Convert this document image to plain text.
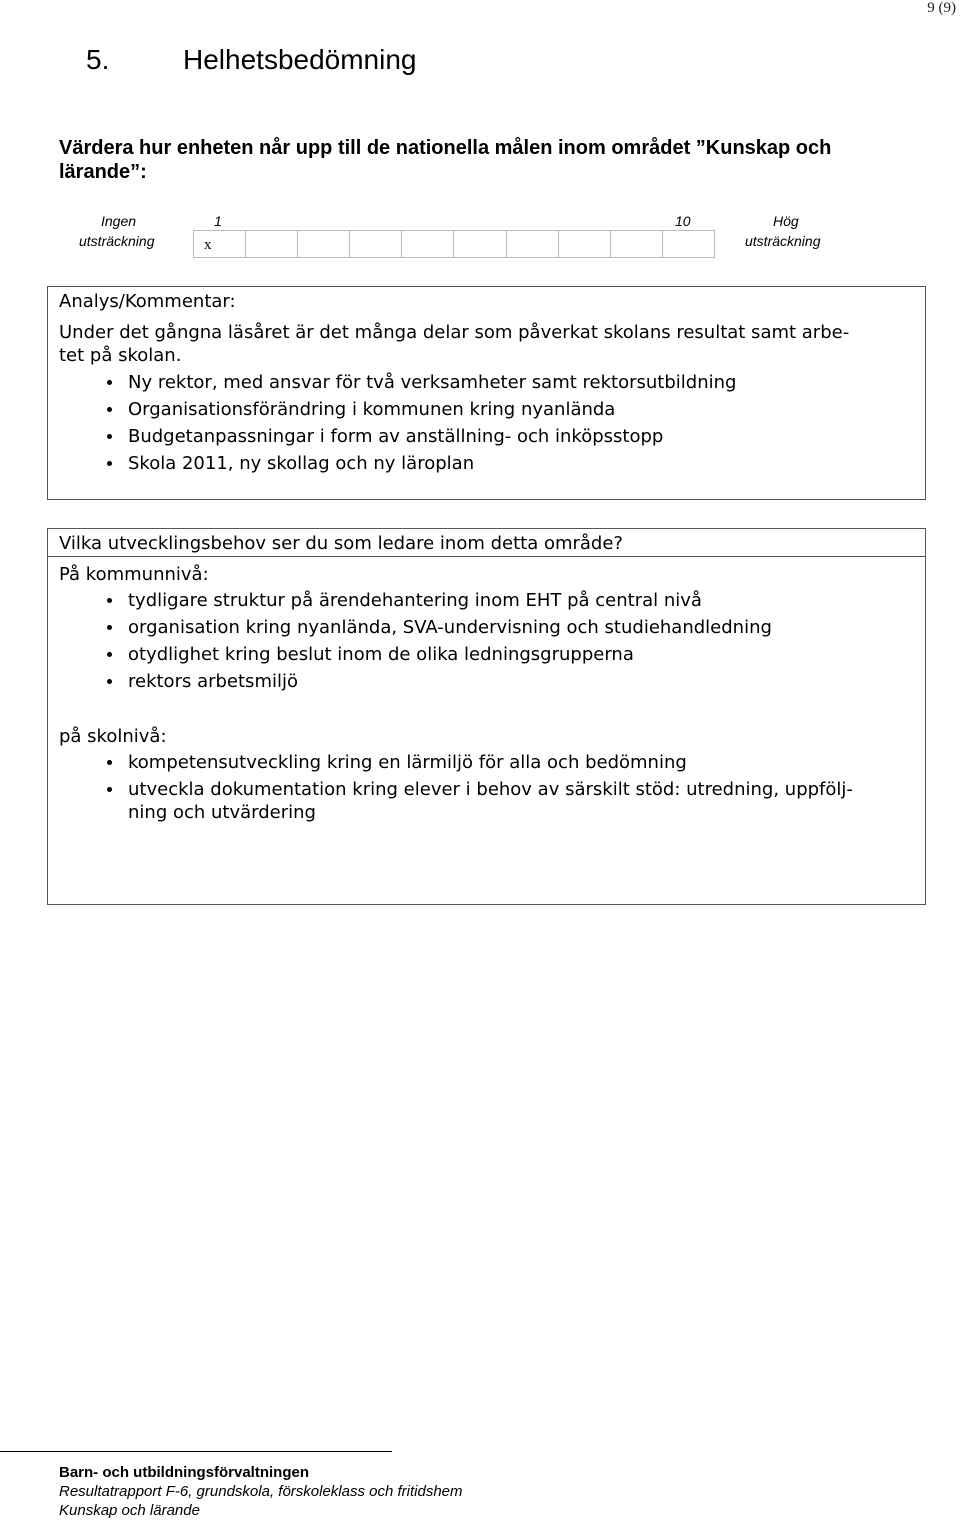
9 (9)
5.	Helhetsbedömning
Värdera hur enheten når upp till de nationella målen inom området ”Kunskap och lärande”:
Ingen
utsträckning
1	10	Hög
utsträckning
x
Analys/Kommentar:
Under det gångna läsåret är det många delar som påverkat skolans resultat samt arbe-
tet på skolan.
Ny rektor, med ansvar för två verksamheter samt rektorsutbildning
Organisationsförändring i kommunen kring nyanlända
Budgetanpassningar i form av anställning- och inköpsstopp
Skola 2011, ny skollag och ny läroplan
Vilka utvecklingsbehov ser du som ledare inom detta område?
På kommunnivå:
tydligare struktur på ärendehantering inom EHT på central nivå
organisation kring nyanlända, SVA-undervisning och studiehandledning
otydlighet kring beslut inom de olika ledningsgrupperna
rektors arbetsmiljö
på skolnivå:
kompetensutveckling kring en lärmiljö för alla och bedömning
utveckla dokumentation kring elever i behov av särskilt stöd: utredning, uppfölj-
ning och utvärdering
Barn- och utbildningsförvaltningen
Resultatrapport F-6, grundskola, förskoleklass och fritidshem
Kunskap och lärande
